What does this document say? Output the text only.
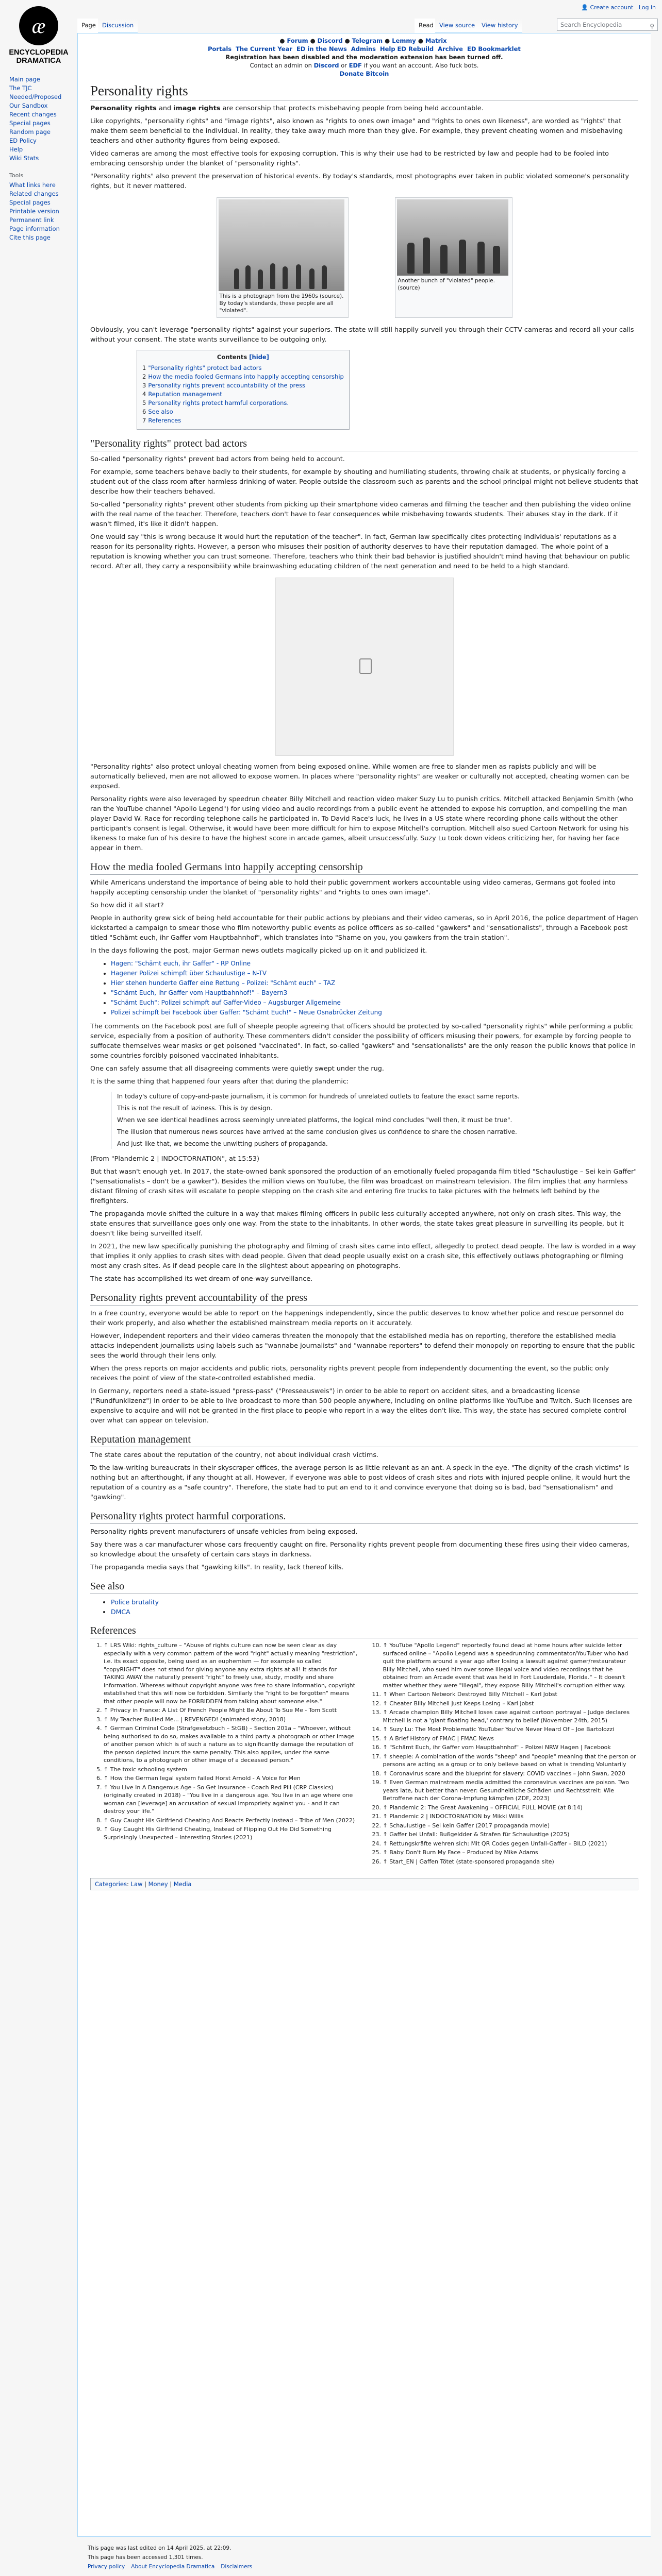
æ
ENCYCLOPEDIA
DRAMATICA
Main page
The TJC
Needed/Proposed
Our Sandbox
Recent changes
Special pages
Random page
ED Policy
Help
Wiki Stats
Tools
What links here
Related changes
Special pages
Printable version
Permanent link
Page information
Cite this page
👤 Create account Log in
Page	Discussion	Read View source	View history	Search Encyclopedia	⚲
● Forum ● Discord ● Telegram ● Lemmy ● Matrix
Portals The Current Year ED in the News Admins Help ED Rebuild Archive ED Bookmarklet
Registration has been disabled and the moderation extension has been turned off.
Contact an admin on Discord or EDF if you want an account. Also fuck bots.
Donate Bitcoin
Personality rights

Personality rights and image rights are censorship that protects misbehaving people from being held accountable.

Like copyrights, "personality rights" and "image rights", also known as "rights to ones own image" and "rights to ones own likeness", are worded as "rights" that make them seem beneficial to the individual. In reality, they take away much more than they give. For example, they prevent cheating women and misbehaving teachers and other authority figures from being exposed.

Video cameras are among the most effective tools for exposing corruption. This is why their use had to be restricted by law and people had to be fooled into embracing censorship under the blanket of "personality rights".

"Personality rights" also prevent the preservation of historical events. By today's standards, most photographs ever taken in public violated someone's personality rights, but it never mattered.

This is a photograph from the 1960s (source). By today's standards, these people are all "violated".
Another bunch of "violated" people. (source)

Obviously, you can't leverage "personality rights" against your superiors. The state will still happily surveil you through their CCTV cameras and record all your calls without your consent. The state wants surveillance to be outgoing only.

Contents [hide]
1 "Personality rights" protect bad actors
2 How the media fooled Germans into happily accepting censorship
3 Personality rights prevent accountability of the press
4 Reputation management
5 Personality rights protect harmful corporations.
6 See also
7 References
"Personality rights" protect bad actors

So-called "personality rights" prevent bad actors from being held to account.

For example, some teachers behave badly to their students, for example by shouting and humiliating students, throwing chalk at students, or physically forcing a student out of the class room after harmless drinking of water. People outside the classroom such as parents and the school principal might not believe students that describe how their teachers behaved.

So-called "personality rights" prevent other students from picking up their smartphone video cameras and filming the teacher and then publishing the video online with the real name of the teacher. Therefore, teachers don't have to fear consequences while misbehaving towards students. Their abuses stay in the dark. If it wasn't filmed, it's like it didn't happen.

One would say "this is wrong because it would hurt the reputation of the teacher". In fact, German law specifically cites protecting individuals' reputations as a reason for its personality rights. However, a person who misuses their position of authority deserves to have their reputation damaged. The whole point of a reputation is knowing whether you can trust someone. Therefore, teachers who think their bad behavior is justified shouldn't mind having that behaviour on public record. After all, they carry a responsibility while brainwashing educating children of the next generation and need to be held to a high standard.

"Personality rights" also protect unloyal cheating women from being exposed online. While women are free to slander men as rapists publicly and will be automatically believed, men are not allowed to expose women. In places where "personality rights" are weaker or culturally not accepted, cheating women can be exposed.

Personality rights were also leveraged by speedrun cheater Billy Mitchell and reaction video maker Suzy Lu to punish critics. Mitchell attacked Benjamin Smith (who ran the YouTube channel "Apollo Legend") for using video and audio recordings from a public event he attended to expose his corruption, and compelling the man player David W. Race for recording telephone calls he participated in. To David Race's luck, he lives in a US state where recording phone calls without the other participant's consent is legal. Otherwise, it would have been more difficult for him to expose Mitchell's corruption. Mitchell also sued Cartoon Network for using his likeness to make fun of his desire to have the highest score in arcade games, albeit unsuccessfully. Suzy Lu took down videos criticizing her, for having her face appear in them.

How the media fooled Germans into happily accepting censorship

While Americans understand the importance of being able to hold their public government workers accountable using video cameras, Germans got fooled into happily accepting censorship under the blanket of "personality rights" and "rights to ones own image".

So how did it all start?

People in authority grew sick of being held accountable for their public actions by plebians and their video cameras, so in April 2016, the police department of Hagen kickstarted a campaign to smear those who film noteworthy public events as police officers as so-called "gawkers" and "sensationalists", through a Facebook post titled "Schämt euch, ihr Gaffer vom Hauptbahnhof", which translates into "Shame on you, you gawkers from the train station".

In the days following the post, major German news outlets magically picked up on it and publicized it.

• Hagen: "Schämt euch, ihr Gaffer" - RP Online
• Hagener Polizei schimpft über Schaulustige – N-TV
• Hier stehen hunderte Gaffer eine Rettung – Polizei: "Schämt euch" – TAZ
• "Schämt Euch, ihr Gaffer vom Hauptbahnhof!" – Bayern3
• "Schämt Euch": Polizei schimpft auf Gaffer-Video – Augsburger Allgemeine
• Polizei schimpft bei Facebook über Gaffer: "Schämt Euch!" – Neue Osnabrücker Zeitung

The comments on the Facebook post are full of sheeple people agreeing that officers should be protected by so-called "personality rights" while performing a public service, especially from a position of authority. These commenters didn't consider the possibility of officers misusing their powers, for example by forcing people to suffocate themselves wear masks or get poisoned "vaccinated". In fact, so-called "gawkers" and "sensationalists" are the only reason the public knows that police in some countries forcibly poisoned vaccinated inhabitants.

One can safely assume that all disagreeing comments were quietly swept under the rug.

It is the same thing that happened four years after that during the plandemic:

In today's culture of copy-and-paste journalism, it is common for hundreds of unrelated outlets to feature the exact same reports.

This is not the result of laziness. This is by design.

When we see identical headlines across seemingly unrelated platforms, the logical mind concludes "well then, it must be true".

The illusion that numerous news sources have arrived at the same conclusion gives us confidence to share the chosen narrative.

And just like that, we become the unwitting pushers of propaganda.

(From "Plandemic 2 | INDOCTORNATION", at 15:53)

But that wasn't enough yet. In 2017, the state-owned bank sponsored the production of an emotionally fueled propaganda film titled "Schaulustige – Sei kein Gaffer" ("sensationalists – don't be a gawker"). Besides the million views on YouTube, the film was broadcast on mainstream television. The film implies that any harmless distant filming of crash sites will escalate to people stepping on the crash site and entering fire trucks to take pictures with the helmets left behind by the firefighters.

The propaganda movie shifted the culture in a way that makes filming officers in public less culturally accepted anywhere, not only on crash sites. This way, the state ensures that surveillance goes only one way. From the state to the inhabitants. In other words, the state takes great pleasure in surveilling its people, but it doesn't like being surveilled itself.

In 2021, the new law specifically punishing the photography and filming of crash sites came into effect, allegedly to protect dead people. The law is worded in a way that implies it only applies to crash sites with dead people. Given that dead people usually exist on a crash site, this effectively outlaws photographing or filming most any crash sites. As if dead people care in the slightest about appearing on photographs.

The state has accomplished its wet dream of one-way surveillance.

Personality rights prevent accountability of the press

In a free country, everyone would be able to report on the happenings independently, since the public deserves to know whether police and rescue personnel do their work properly, and also whether the established mainstream media reports on it accurately.

However, independent reporters and their video cameras threaten the monopoly that the established media has on reporting, therefore the established media attacks independent journalists using labels such as "wannabe journalists" and "wannabe reporters" to defend their monopoly on reporting to ensure that the public sees the world through their lens only.

When the press reports on major accidents and public riots, personality rights prevent people from independently documenting the event, so the public only receives the point of view of the state-controlled established media.

In Germany, reporters need a state-issued "press-pass" ("Presseausweis") in order to be able to report on accident sites, and a broadcasting license ("Rundfunklizenz") in order to be able to live broadcast to more than 500 people anywhere, including on online platforms like YouTube and Twitch. Such licenses are expensive to acquire and will not be granted in the first place to people who report in a way the elites don't like. This way, the state has secured complete control over what can appear on television.

Reputation management

The state cares about the reputation of the country, not about individual crash victims.

To the law-writing bureaucrats in their skyscraper offices, the average person is as little relevant as an ant. A speck in the eye. "The dignity of the crash victims" is nothing but an afterthought, if any thought at all. However, if everyone was able to post videos of crash sites and riots with injured people online, it would hurt the reputation of a country as a "safe country". Therefore, the state had to put an end to it and convince everyone that doing so is bad, bad "sensationalism" and "gawking".

Personality rights protect harmful corporations.

Personality rights prevent manufacturers of unsafe vehicles from being exposed.

Say there was a car manufacturer whose cars frequently caught on fire. Personality rights prevent people from documenting these fires using their video cameras, so knowledge about the unsafety of certain cars stays in darkness.

The propaganda media says that "gawking kills". In reality, lack thereof kills.

See also
• Police brutality
• DMCA
References
1. ↑ LRS Wiki: rights_culture – "Abuse of rights culture can now be seen clear as day especially with a very common pattern of the word "right" actually meaning "restriction", i.e. its exact opposite, being used as an euphemism — for example so called "copyRIGHT" does not stand for giving anyone any extra rights at all! It stands for TAKING AWAY the naturally present "right" to freely use, study, modify and share information. Whereas without copyright anyone was free to share information, copyright established that this will now be forbidden. Similarly the "right to be forgotten" means that other people will now be FORBIDDEN from talking about someone else."
2. ↑ Privacy in France: A List Of French People Might Be About To Sue Me - Tom Scott
3. ↑ My Teacher Bullied Me... | REVENGED! (animated story, 2018)
4. ↑ German Criminal Code (Strafgesetzbuch – StGB) – Section 201a – "Whoever, without being authorised to do so, makes available to a third party a photograph or other image of another person which is of such a nature as to significantly damage the reputation of the person depicted incurs the same penalty. This also applies, under the same conditions, to a photograph or other image of a deceased person."
5. ↑ The toxic schooling system
6. ↑ How the German legal system failed Horst Arnold - A Voice for Men
7. ↑ You Live In A Dangerous Age - So Get Insurance - Coach Red Pill (CRP Classics) (originally created in 2018) – "You live in a dangerous age. You live in an age where one woman can [leverage] an accusation of sexual impropriety against you - and it can destroy your life."
8. ↑ Guy Caught His Girlfriend Cheating And Reacts Perfectly Instead – Tribe of Men (2022)
9. ↑ Guy Caught His Girlfriend Cheating, Instead of Flipping Out He Did Something Surprisingly Unexpected – Interesting Stories (2021)
10. ↑ YouTube "Apollo Legend" reportedly found dead at home hours after suicide letter surfaced online – "Apollo Legend was a speedrunning commentator/YouTuber who had quit the platform around a year ago after losing a lawsuit against gamer/restaurateur Billy Mitchell, who sued him over some illegal voice and video recordings that he obtained from an Arcade event that was held in Fort Lauderdale, Florida." – It doesn't matter whether they were "illegal", they expose Billy Mitchell's corruption either way.
11. ↑ When Cartoon Network Destroyed Billy Mitchell – Karl Jobst
12. ↑ Cheater Billy Mitchell Just Keeps Losing – Karl Jobst
13. ↑ Arcade champion Billy Mitchell loses case against cartoon portrayal – Judge declares Mitchell is not a 'giant floating head,' contrary to belief (November 24th, 2015)
14. ↑ Suzy Lu: The Most Problematic YouTuber You've Never Heard Of – Joe Bartolozzi
15. ↑ A Brief History of FMAC | FMAC News
16. ↑ "Schämt Euch, ihr Gaffer vom Hauptbahnhof" – Polizei NRW Hagen | Facebook
17. ↑ sheeple: A combination of the words "sheep" and "people" meaning that the person or persons are acting as a group or to only believe based on what is trending Voluntarily
18. ↑ Coronavirus scare and the blueprint for slavery: COVID vaccines – John Swan, 2020
19. ↑ Even German mainstream media admitted the coronavirus vaccines are poison. Two years late, but better than never: Gesundheitliche Schäden und Rechtsstreit: Wie Betroffene nach der Corona-Impfung kämpfen (ZDF, 2023)
20. ↑ Plandemic 2: The Great Awakening – OFFICIAL FULL MOVIE (at 8:14)
21. ↑ Plandemic 2 | INDOCTORNATION by Mikki Willis
22. ↑ Schaulustige – Sei kein Gaffer (2017 propaganda movie)
23. ↑ Gaffer bei Unfall: Bußgeldder & Strafen für Schaulustige (2025)
24. ↑ Rettungskräfte wehren sich: Mit QR Codes gegen Unfall-Gaffer – BILD (2021)
25. ↑ Baby Don't Burn My Face – Produced by Mike Adams
26. ↑ Start_EN | Gaffen Tötet (state-sponsored propaganda site)
Categories: Law | Money | Media

This page was last edited on 14 April 2025, at 22:09.

This page has been accessed 1,301 times.

Privacy policy About Encyclopedia Dramatica Disclaimers
